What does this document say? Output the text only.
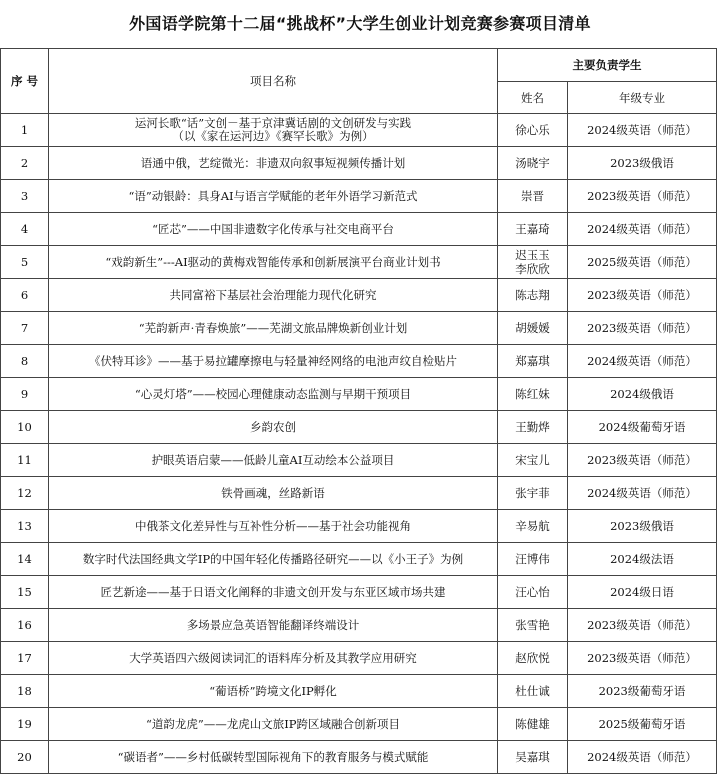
外国语学院第十二届“挑战杯”大学生创业计划竞赛参赛项目清单
序 号	项目名称	主要负责学生	
		姓名	年级专业
1	运河长歌“话”文创－基于京津冀话剧的文创研发与实践
（以《家在运河边》《赛罕长歌》为例）	徐心乐	2024级英语（师范）
2	语通中俄，艺绽微光：非遗双向叙事短视频传播计划	汤晓宇	2023级俄语
3	“语”动银龄：具身AI与语言学赋能的老年外语学习新范式	崇晋	2023级英语（师范）
4	“匠芯”——中国非遗数字化传承与社交电商平台	王嘉琦	2024级英语（师范）
5	“戏韵新生”---AI驱动的黄梅戏智能传承和创新展演平台商业计划书	迟玉玉
李欣欣	2025级英语（师范）
6	共同富裕下基层社会治理能力现代化研究	陈志翔	2023级英语（师范）
7	“芜韵新声·青春焕旅”——芜湖文旅品牌焕新创业计划	胡媛媛	2023级英语（师范）
8	《伏特耳诊》——基于易拉罐摩擦电与轻量神经网络的电池声纹自检贴片	郑嘉琪	2024级英语（师范）
9	“心灵灯塔”——校园心理健康动态监测与早期干预项目	陈红妹	2024级俄语
10	乡韵农创	王勤烨	2024级葡萄牙语
11	护眼英语启蒙——低龄儿童AI互动绘本公益项目	宋宝儿	2023级英语（师范）
12	铁骨画魂，丝路新语	张宇菲	2024级英语（师范）
13	中俄茶文化差异性与互补性分析——基于社会功能视角	辛易航	2023级俄语
14	数字时代法国经典文学IP的中国年轻化传播路径研究——以《小王子》为例	汪博伟	2024级法语
15	匠艺新途——基于日语文化阐释的非遗文创开发与东亚区域市场共建	汪心怡	2024级日语
16	多场景应急英语智能翻译终端设计	张雪艳	2023级英语（师范）
17	大学英语四六级阅读词汇的语料库分析及其教学应用研究	赵欣悦	2023级英语（师范）
18	“葡语桥”跨境文化IP孵化	杜仕诚	2023级葡萄牙语
19	“道韵龙虎”——龙虎山文旅IP跨区域融合创新项目	陈健雄	2025级葡萄牙语
20	“碳语者”——乡村低碳转型国际视角下的教育服务与模式赋能	吴嘉琪	2024级英语（师范）
